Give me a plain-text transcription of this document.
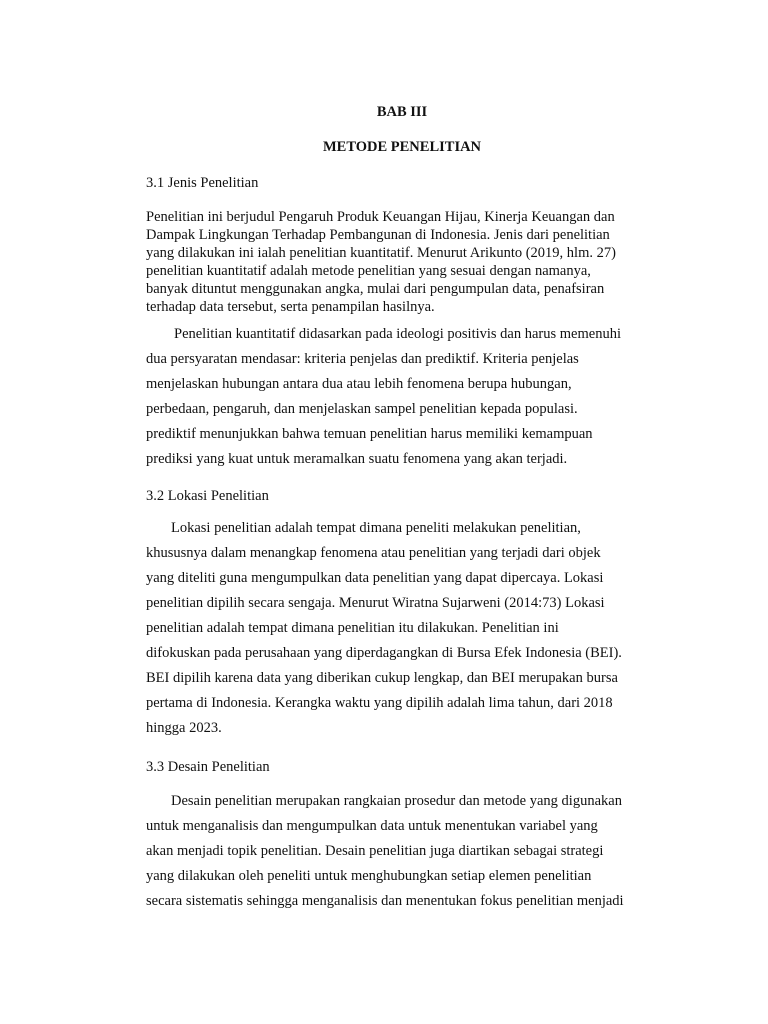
BAB III
METODE PENELITIAN
3.1 Jenis Penelitian
Penelitian ini berjudul Pengaruh Produk Keuangan Hijau, Kinerja Keuangan dan
Dampak Lingkungan Terhadap Pembangunan di Indonesia. Jenis dari penelitian
yang dilakukan ini ialah penelitian kuantitatif. Menurut Arikunto (2019, hlm. 27)
penelitian kuantitatif adalah metode penelitian yang sesuai dengan namanya,
banyak dituntut menggunakan angka, mulai dari pengumpulan data, penafsiran
terhadap data tersebut, serta penampilan hasilnya.
Penelitian kuantitatif didasarkan pada ideologi positivis dan harus memenuhi
dua persyaratan mendasar: kriteria penjelas dan prediktif. Kriteria penjelas
menjelaskan hubungan antara dua atau lebih fenomena berupa hubungan,
perbedaan, pengaruh, dan menjelaskan sampel penelitian kepada populasi.
prediktif menunjukkan bahwa temuan penelitian harus memiliki kemampuan
prediksi yang kuat untuk meramalkan suatu fenomena yang akan terjadi.
3.2 Lokasi Penelitian
Lokasi penelitian adalah tempat dimana peneliti melakukan penelitian,
khususnya dalam menangkap fenomena atau penelitian yang terjadi dari objek
yang diteliti guna mengumpulkan data penelitian yang dapat dipercaya. Lokasi
penelitian dipilih secara sengaja. Menurut Wiratna Sujarweni (2014:73) Lokasi
penelitian adalah tempat dimana penelitian itu dilakukan. Penelitian ini
difokuskan pada perusahaan yang diperdagangkan di Bursa Efek Indonesia (BEI).
BEI dipilih karena data yang diberikan cukup lengkap, dan BEI merupakan bursa
pertama di Indonesia. Kerangka waktu yang dipilih adalah lima tahun, dari 2018
hingga 2023.
3.3 Desain Penelitian
Desain penelitian merupakan rangkaian prosedur dan metode yang digunakan
untuk menganalisis dan mengumpulkan data untuk menentukan variabel yang
akan menjadi topik penelitian. Desain penelitian juga diartikan sebagai strategi
yang dilakukan oleh peneliti untuk menghubungkan setiap elemen penelitian
secara sistematis sehingga menganalisis dan menentukan fokus penelitian menjadi
